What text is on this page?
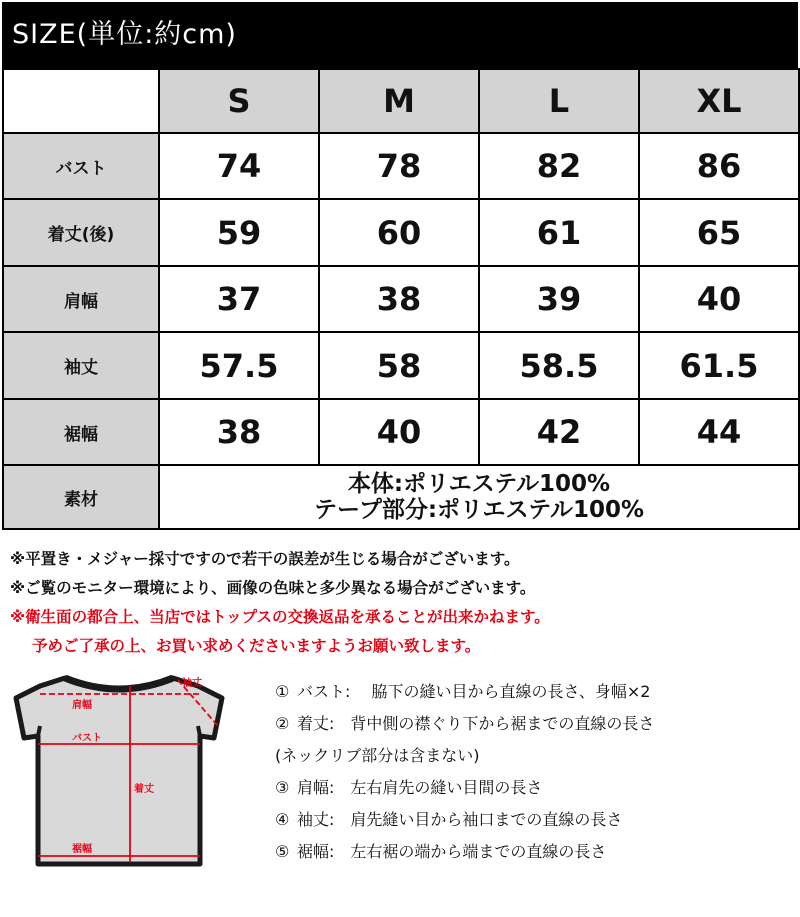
SIZE(単位:約cm)
	S	M	L	XL
バスト	74	78	82	86
着丈(後)	59	60	61	65
肩幅	37	38	39	40
袖丈	57.5	58	58.5	61.5
裾幅	38	40	42	44
素材	本体:ポリエステル100%
テープ部分:ポリエステル100%			
※平置き・メジャー採寸ですので若干の誤差が生じる場合がございます。
※ご覧のモニター環境により、画像の色味と多少異なる場合がございます。
※衛生面の都合上、当店ではトップスの交換返品を承ることが出来かねます。
予めご了承の上、お買い求めくださいますようお願い致します。
袖丈
肩幅
バスト
着丈
裾幅
① バスト:　 脇下の縫い目から直線の長さ、身幅×2
② 着丈:　背中側の襟ぐり下から裾までの直線の長さ
(ネックリブ部分は含まない)
③ 肩幅:　左右肩先の縫い目間の長さ
④ 袖丈:　肩先縫い目から袖口までの直線の長さ
⑤ 裾幅:　左右裾の端から端までの直線の長さ
